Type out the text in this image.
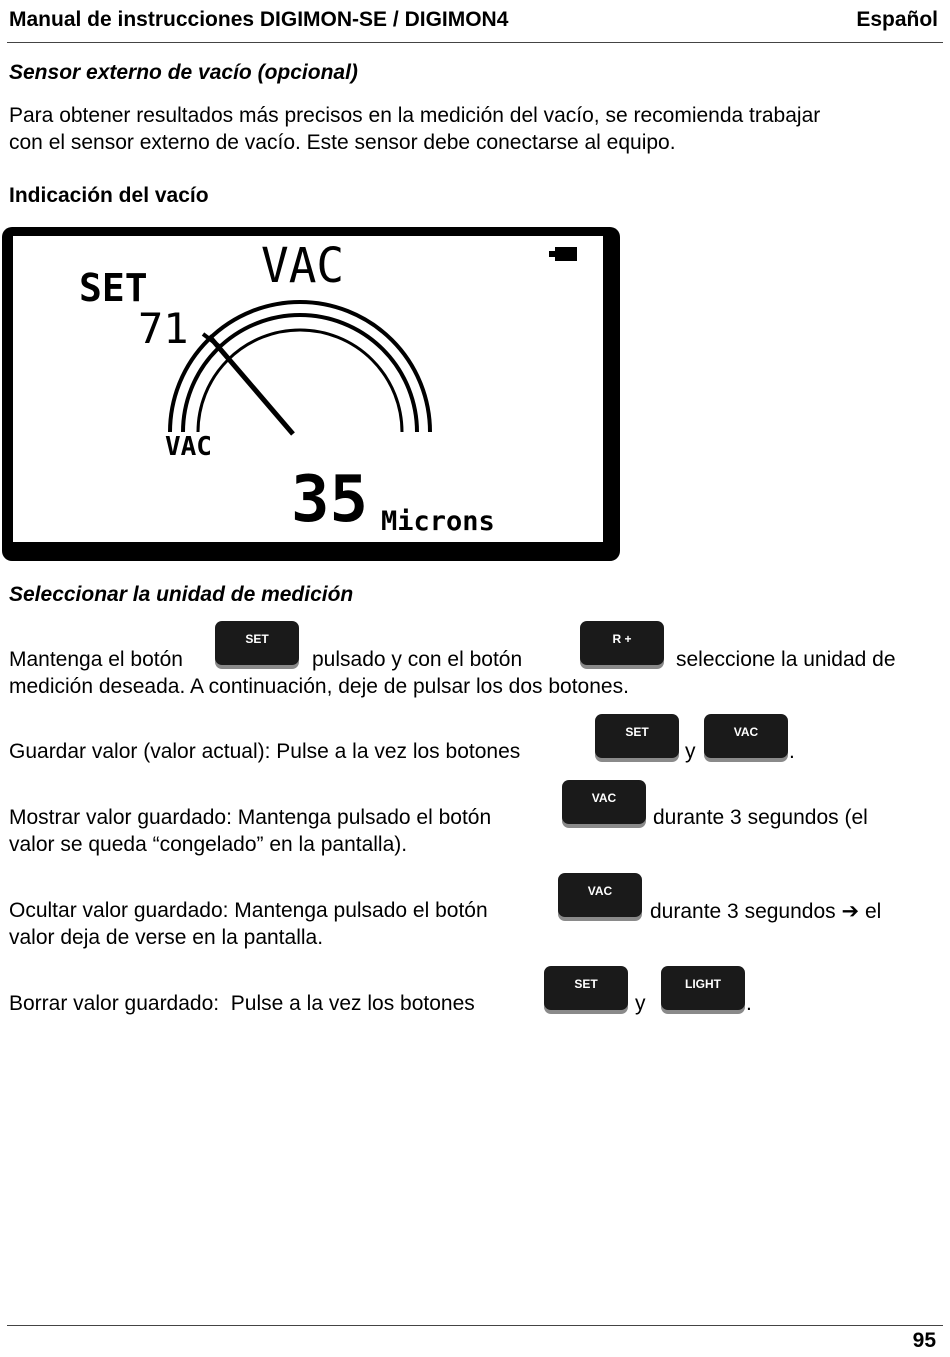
Manual de instrucciones DIGIMON-SE / DIGIMON4	Español
Sensor externo de vacío (opcional)
Para obtener resultados más precisos en la medición del vacío, se recomienda trabajar
con el sensor externo de vacío. Este sensor debe conectarse al equipo.
Indicación del vacío
VAC
SET
71
VAC
35 Microns
Seleccionar la unidad de medición
Mantenga el botón
SET
pulsado y con el botón
R +
seleccione la unidad de
medición deseada. A continuación, deje de pulsar los dos botones.
Guardar valor (valor actual): Pulse a la vez los botones
SET
y
VAC
.
Mostrar valor guardado: Mantenga pulsado el botón
VAC
durante 3 segundos (el
valor se queda “congelado” en la pantalla).
Ocultar valor guardado: Mantenga pulsado el botón
VAC
durante 3 segundos ➔ el
valor deja de verse en la pantalla.
Borrar valor guardado:  Pulse a la vez los botones
SET
y
LIGHT
.
95
